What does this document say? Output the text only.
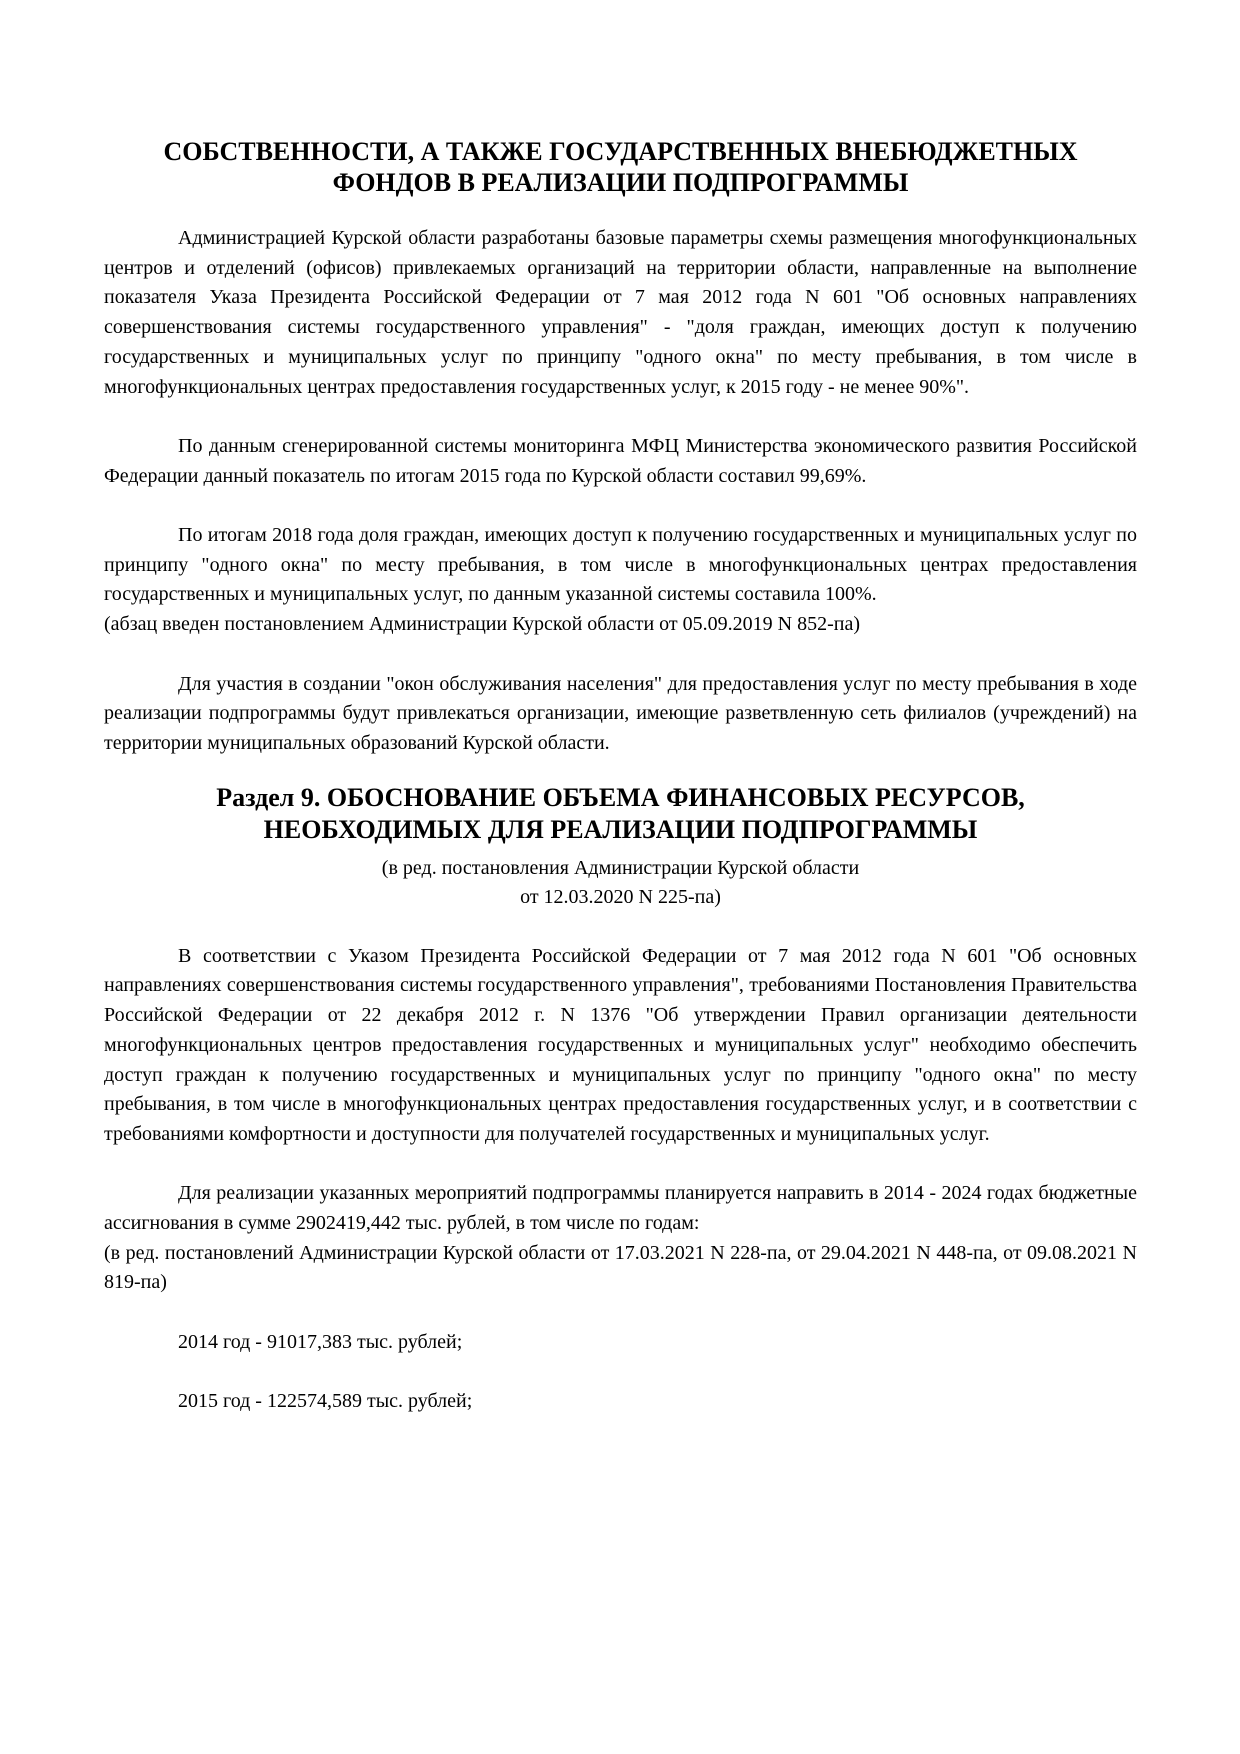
СОБСТВЕННОСТИ, А ТАКЖЕ ГОСУДАРСТВЕННЫХ ВНЕБЮДЖЕТНЫХ
ФОНДОВ В РЕАЛИЗАЦИИ ПОДПРОГРАММЫ

Администрацией Курской области разработаны базовые параметры схемы размещения многофункциональных центров и отделений (офисов) привлекаемых организаций на территории области, направленные на выполнение показателя Указа Президента Российской Федерации от 7 мая 2012 года N 601 "Об основных направлениях совершенствования системы государственного управления" - "доля граждан, имеющих доступ к получению государственных и муниципальных услуг по принципу "одного окна" по месту пребывания, в том числе в многофункциональных центрах предоставления государственных услуг, к 2015 году - не менее 90%".

По данным сгенерированной системы мониторинга МФЦ Министерства экономического развития Российской Федерации данный показатель по итогам 2015 года по Курской области составил 99,69%.

По итогам 2018 года доля граждан, имеющих доступ к получению государственных и муниципальных услуг по принципу "одного окна" по месту пребывания, в том числе в многофункциональных центрах предоставления государственных и муниципальных услуг, по данным указанной системы составила 100%.

(абзац введен постановлением Администрации Курской области от 05.09.2019 N 852-па)

Для участия в создании "окон обслуживания населения" для предоставления услуг по месту пребывания в ходе реализации подпрограммы будут привлекаться организации, имеющие разветвленную сеть филиалов (учреждений) на территории муниципальных образований Курской области.

Раздел 9. ОБОСНОВАНИЕ ОБЪЕМА ФИНАНСОВЫХ РЕСУРСОВ,
НЕОБХОДИМЫХ ДЛЯ РЕАЛИЗАЦИИ ПОДПРОГРАММЫ
(в ред. постановления Администрации Курской области
от 12.03.2020 N 225-па)

В соответствии с Указом Президента Российской Федерации от 7 мая 2012 года N 601 "Об основных направлениях совершенствования системы государственного управления", требованиями Постановления Правительства Российской Федерации от 22 декабря 2012 г. N 1376 "Об утверждении Правил организации деятельности многофункциональных центров предоставления государственных и муниципальных услуг" необходимо обеспечить доступ граждан к получению государственных и муниципальных услуг по принципу "одного окна" по месту пребывания, в том числе в многофункциональных центрах предоставления государственных услуг, и в соответствии с требованиями комфортности и доступности для получателей государственных и муниципальных услуг.

Для реализации указанных мероприятий подпрограммы планируется направить в 2014 - 2024 годах бюджетные ассигнования в сумме 2902419,442 тыс. рублей, в том числе по годам:

(в ред. постановлений Администрации Курской области от 17.03.2021 N 228-па, от 29.04.2021 N 448-па, от 09.08.2021 N 819-па)

2014 год - 91017,383 тыс. рублей;

2015 год - 122574,589 тыс. рублей;
